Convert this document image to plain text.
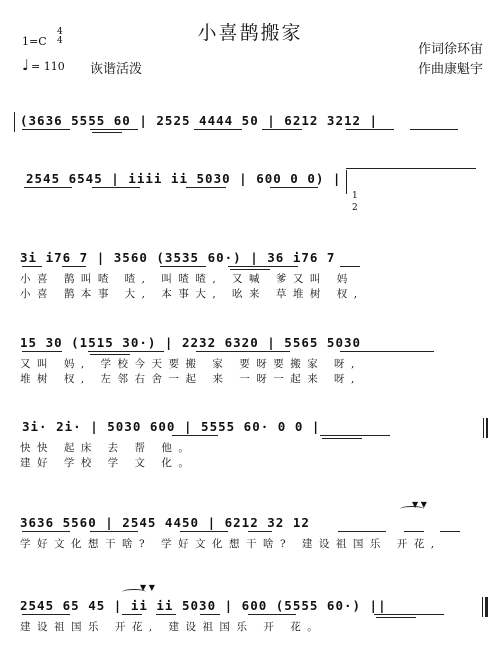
小喜鹊搬家
1=C
4
4
♩ = 110 诙谐活泼
作词徐环宙
作曲康魁宇
(3636 5555 60 | 2525 4444 50 | 6212 3212 |
2545 6545 | iiii ii 5030 | 600 0 0) |
1
2
3i i76 7 | 3560 (3535 60·) | 36 i76 7
小喜 鹊叫喳 喳, 叫喳喳, 又喊 爹又叫 妈
小喜 鹊本事 大, 本事大, 吆来 草堆树 杈,
15 30 (1515 30·) | 2232 6320 | 5565 5030
又叫 妈, 学校今天要搬 家 要呀要搬家 呀,
堆树 杈, 左邻右舍一起 来 一呀一起来 呀,
3i· 2i· | 5030 600 | 5555 60· 0 0 |
快快 起床 去 帮 他。
建好 学校 学 文 化。
▼ ▼
3636 5560 | 2545 4450 | 6212 32 12
学好文化想干啥? 学好文化想干啥? 建设祖国乐 开花,
▼ ▼
2545 65 45 | ii ii 5030 | 600 (5555 60·) ||
建设祖国乐 开花, 建设祖国乐 开 花。
